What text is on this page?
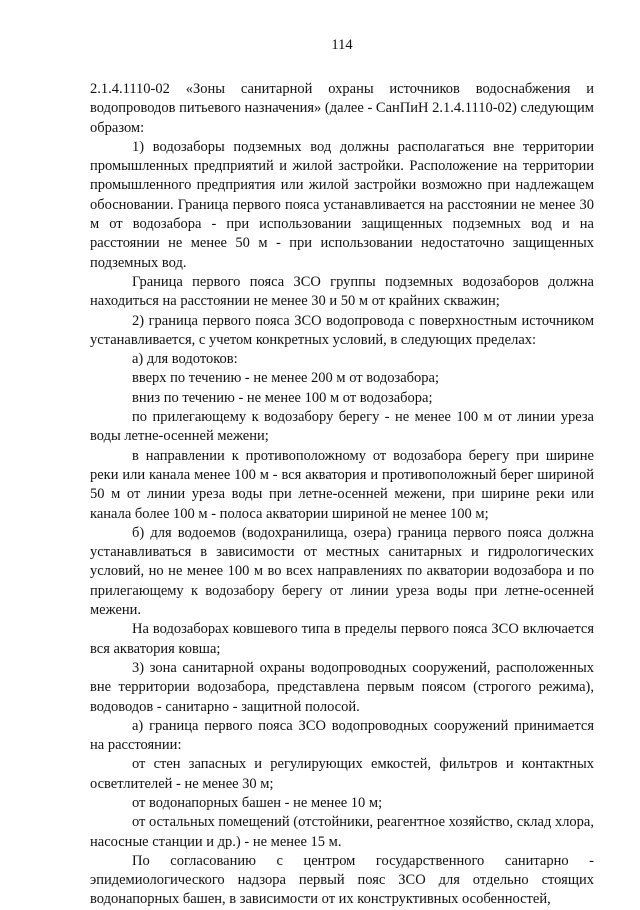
114

2.1.4.1110-02 «Зоны санитарной охраны источников водоснабжения и водопроводов питьевого назначения» (далее - СанПиН 2.1.4.1110-02) следующим образом:

1) водозаборы подземных вод должны располагаться вне территории промышленных предприятий и жилой застройки. Расположение на территории промышленного предприятия или жилой застройки возможно при надлежащем обосновании. Граница первого пояса устанавливается на расстоянии не менее 30 м от водозабора - при использовании защищенных подземных вод и на расстоянии не менее 50 м - при использовании недостаточно защищенных подземных вод.

Граница первого пояса ЗСО группы подземных водозаборов должна находиться на расстоянии не менее 30 и 50 м от крайних скважин;

2) граница первого пояса ЗСО водопровода с поверхностным источником устанавливается, с учетом конкретных условий, в следующих пределах:

а) для водотоков:

вверх по течению - не менее 200 м от водозабора;

вниз по течению - не менее 100 м от водозабора;

по прилегающему к водозабору берегу - не менее 100 м от линии уреза воды летне-осенней межени;

в направлении к противоположному от водозабора берегу при ширине реки или канала менее 100 м - вся акватория и противоположный берег шириной 50 м от линии уреза воды при летне-осенней межени, при ширине реки или канала более 100 м - полоса акватории шириной не менее 100 м;

б) для водоемов (водохранилища, озера) граница первого пояса должна устанавливаться в зависимости от местных санитарных и гидрологических условий, но не менее 100 м во всех направлениях по акватории водозабора и по прилегающему к водозабору берегу от линии уреза воды при летне-осенней межени.

На водозаборах ковшевого типа в пределы первого пояса ЗСО включается вся акватория ковша;

3) зона санитарной охраны водопроводных сооружений, расположенных вне территории водозабора, представлена первым поясом (строгого режима), водоводов - санитарно - защитной полосой.

а) граница первого пояса ЗСО водопроводных сооружений принимается на расстоянии:

от стен запасных и регулирующих емкостей, фильтров и контактных осветлителей - не менее 30 м;

от водонапорных башен - не менее 10 м;

от остальных помещений (отстойники, реагентное хозяйство, склад хлора, насосные станции и др.) - не менее 15 м.

По согласованию с центром государственного санитарно - эпидемиологического надзора первый пояс ЗСО для отдельно стоящих водонапорных башен, в зависимости от их конструктивных особенностей,
